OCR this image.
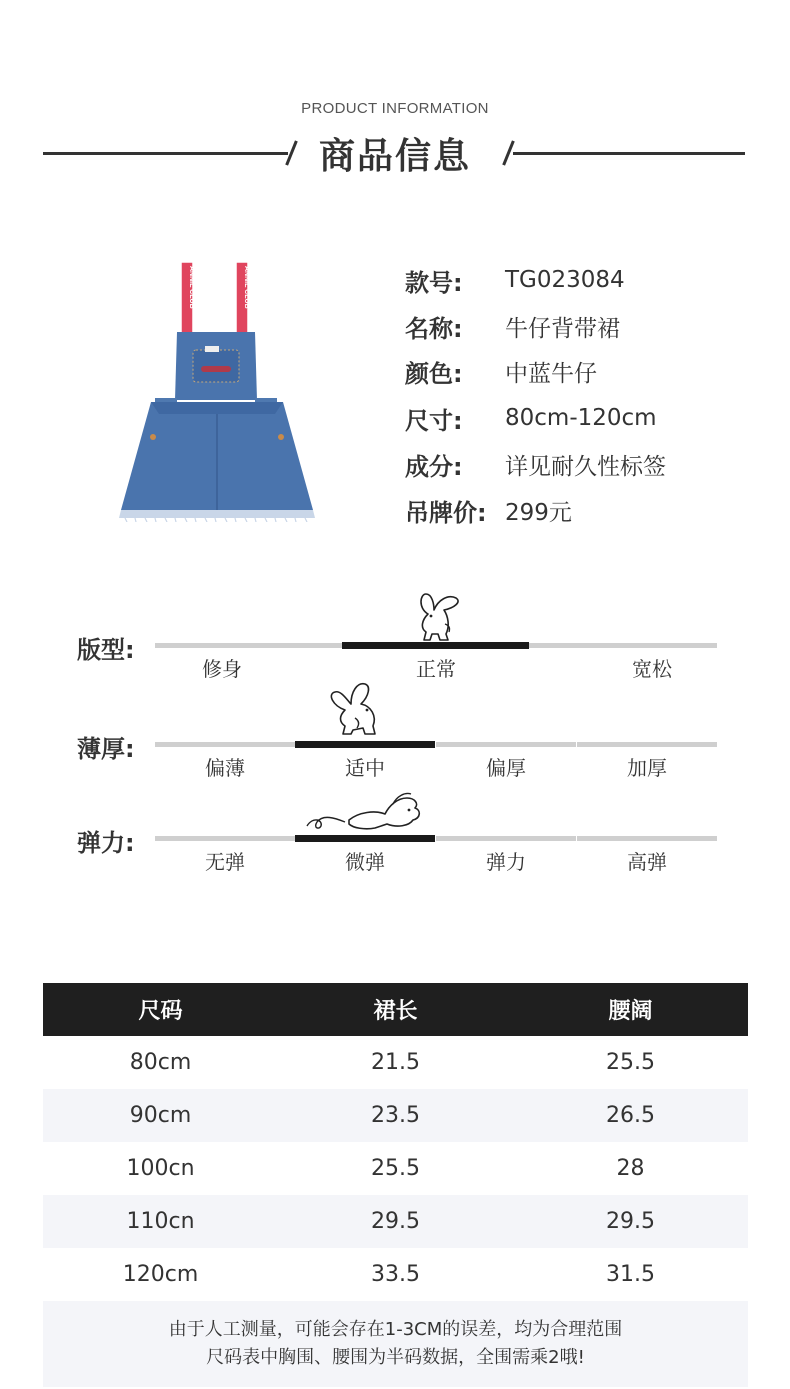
PRODUCT INFORMATION
商品信息
ANNIL CLUB	ANNIL CLUB	款号:	TG023084
名称:	牛仔背带裙
颜色:	中蓝牛仔
尺寸:	80cm-120cm
成分:	详见耐久性标签
吊牌价: 299元
版型:
修身	正常	宽松
薄厚:
偏薄	适中	偏厚	加厚
弹力:
无弹	微弹	弹力	高弹
尺码	裙长	腰阔
80cm	21.5	25.5
90cm	23.5	26.5
100cn	25.5	28
110cn	29.5	29.5
120cm	33.5	31.5

由于人工测量，可能会存在1-3CM的误差，均为合理范围

尺码表中胸围、腰围为半码数据，全围需乘2哦!
